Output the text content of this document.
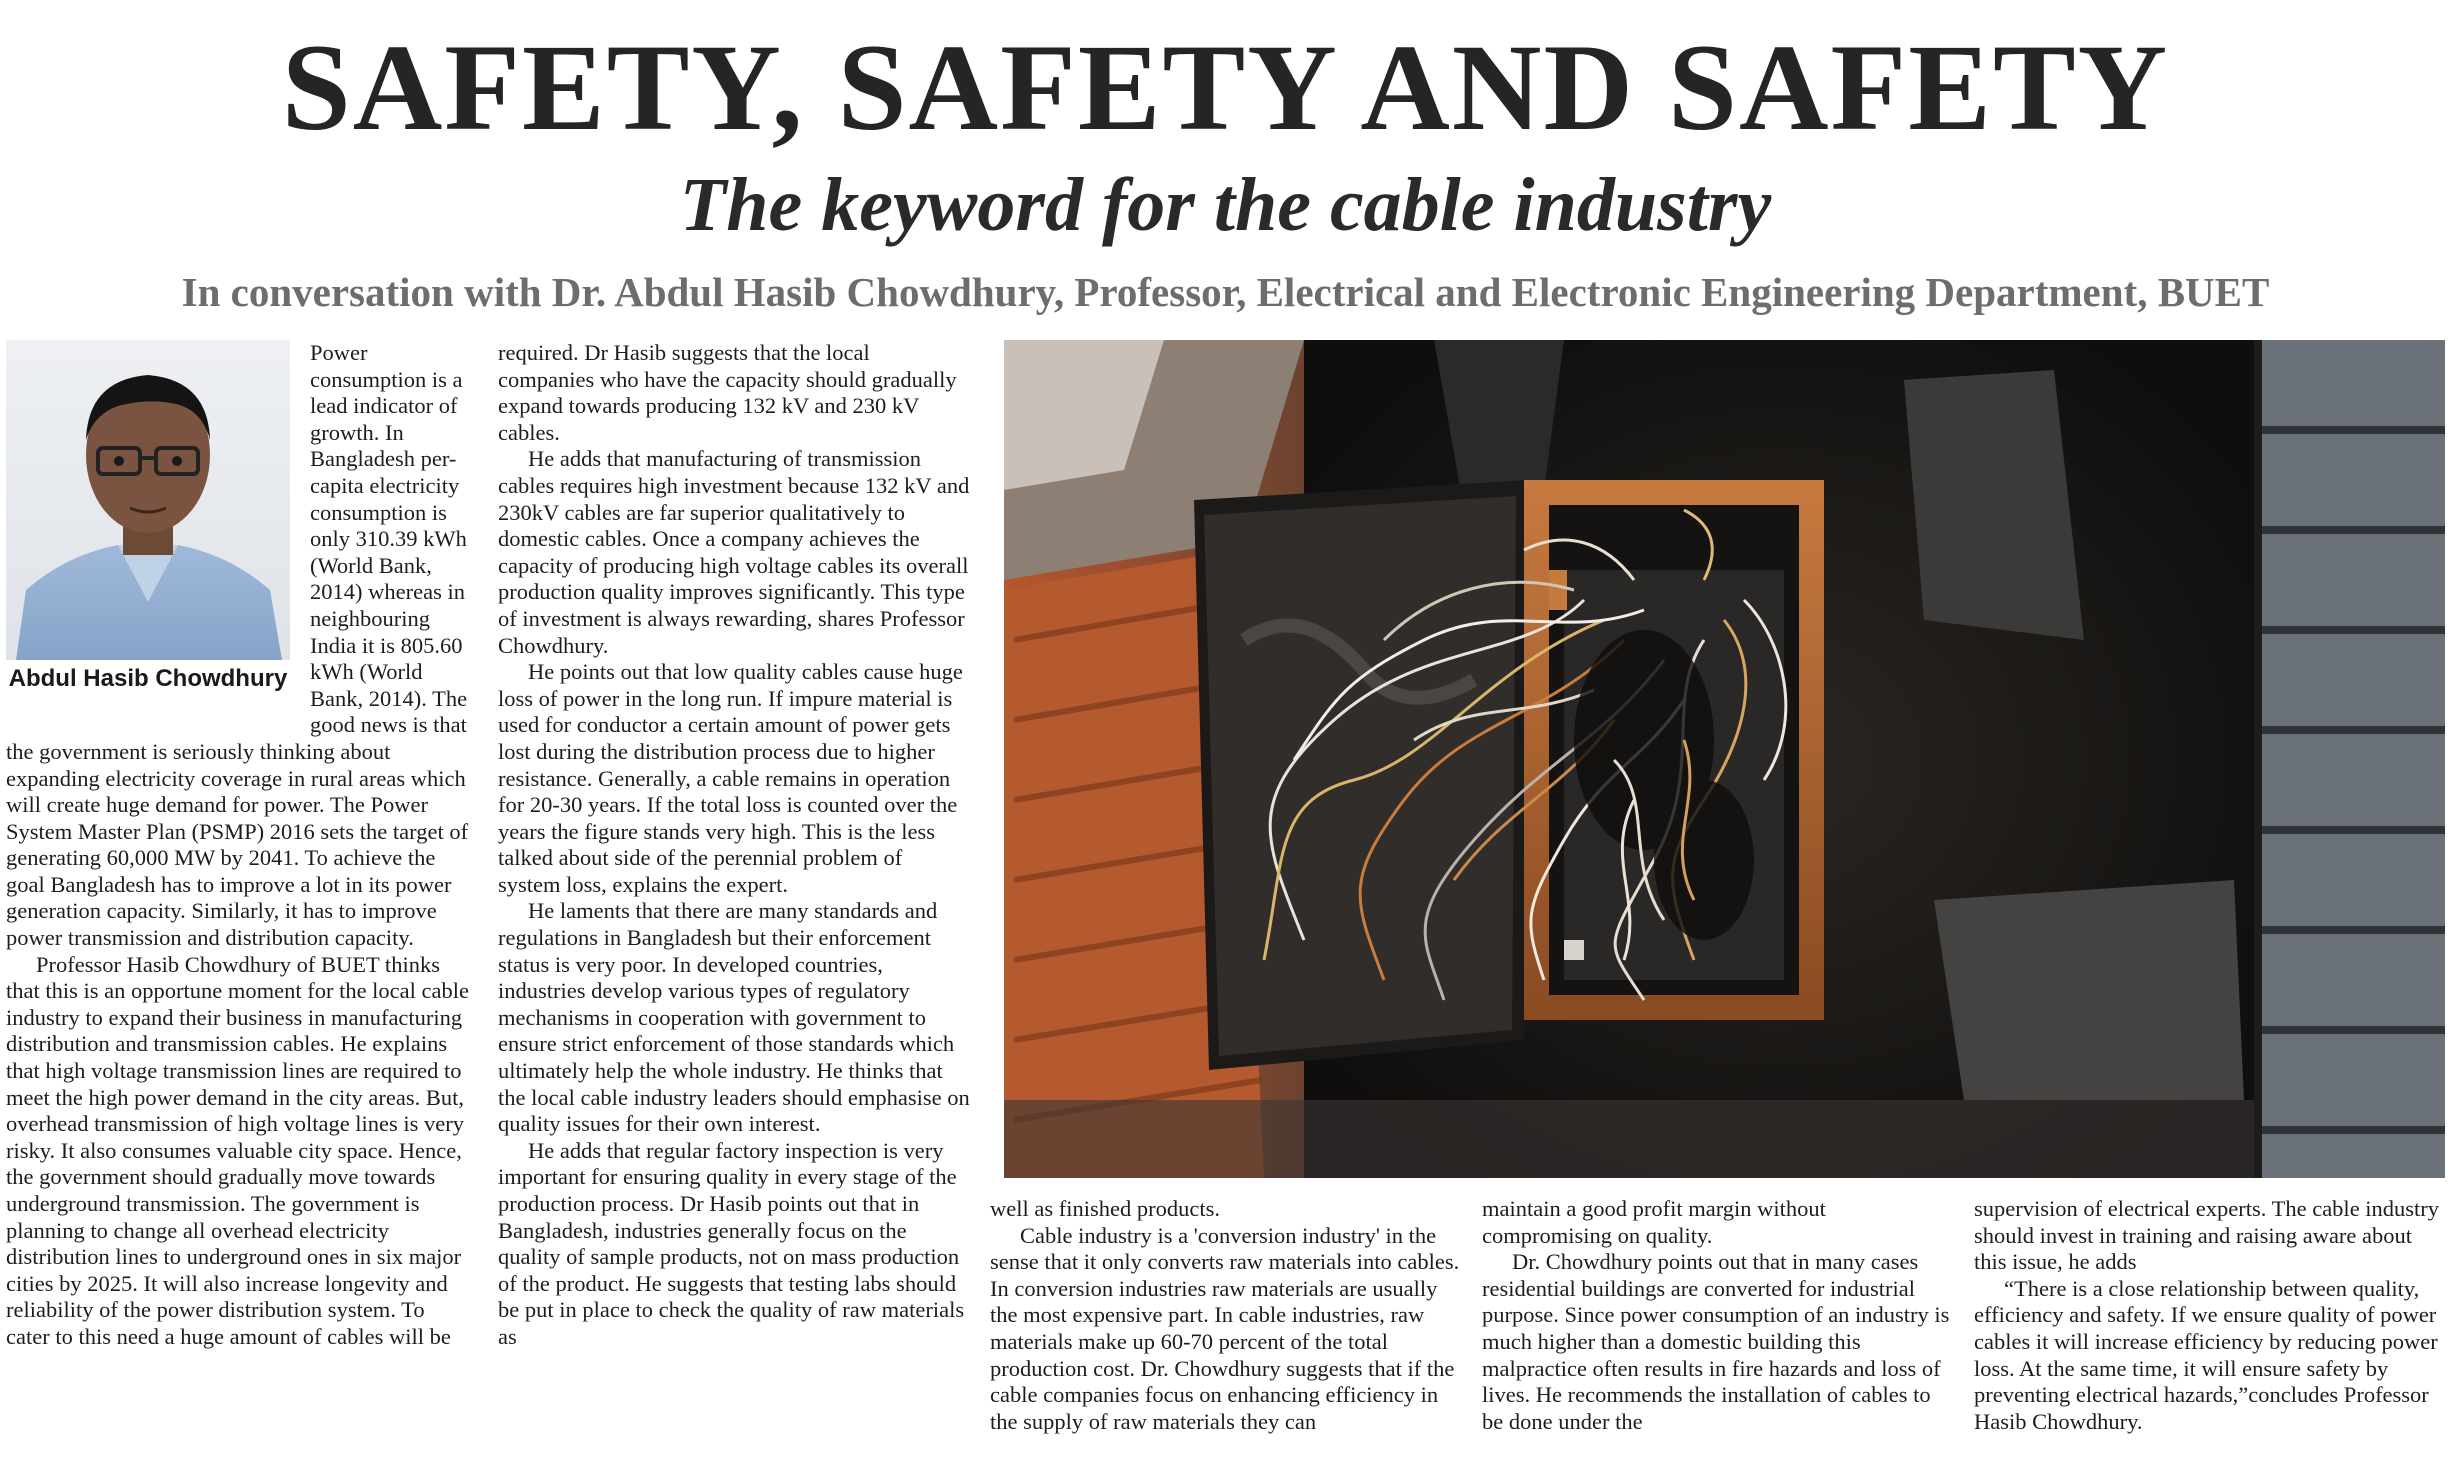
SAFETY, SAFETY AND SAFETY
The keyword for the cable industry
In conversation with Dr. Abdul Hasib Chowdhury, Professor, Electrical and Electronic Engineering Department, BUET
Abdul Hasib Chowdhury

Power consumption is a lead indicator of growth. In Bangladesh per-capita electricity consumption is only 310.39 kWh (World Bank, 2014) whereas in neighbouring India it is 805.60 kWh (World Bank, 2014). The good news is that the government is seriously thinking about expanding electricity coverage in rural areas which will create huge demand for power. The Power System Master Plan (PSMP) 2016 sets the target of generating 60,000 MW by 2041. To achieve the goal Bangladesh has to improve a lot in its power generation capacity. Similarly, it has to improve power transmission and distribution capacity.

Professor Hasib Chowdhury of BUET thinks that this is an opportune moment for the local cable industry to expand their business in manufacturing distribution and transmission cables. He explains that high voltage transmission lines are required to meet the high power demand in the city areas. But, overhead transmission of high voltage lines is very risky. It also consumes valuable city space. Hence, the government should gradually move towards underground transmission. The government is planning to change all overhead electricity distribution lines to underground ones in six major cities by 2025. It will also increase longevity and reliability of the power distribution system. To cater to this need a huge amount of cables will be

required. Dr Hasib suggests that the local companies who have the capacity should gradually expand towards producing 132 kV and 230 kV cables.

He adds that manufacturing of transmission cables requires high investment because 132 kV and 230kV cables are far superior qualitatively to domestic cables. Once a company achieves the capacity of producing high voltage cables its overall production quality improves significantly. This type of investment is always rewarding, shares Professor Chowdhury.

He points out that low quality cables cause huge loss of power in the long run. If impure material is used for conductor a certain amount of power gets lost during the distribution process due to higher resistance. Generally, a cable remains in operation for 20-30 years. If the total loss is counted over the years the figure stands very high. This is the less talked about side of the perennial problem of system loss, explains the expert.

He laments that there are many standards and regulations in Bangladesh but their enforcement status is very poor. In developed countries, industries develop various types of regulatory mechanisms in cooperation with government to ensure strict enforcement of those standards which ultimately help the whole industry. He thinks that the local cable industry leaders should emphasise on quality issues for their own interest.

He adds that regular factory inspection is very important for ensuring quality in every stage of the production process. Dr Hasib points out that in Bangladesh, industries generally focus on the quality of sample products, not on mass production of the product. He suggests that testing labs should be put in place to check the quality of raw materials as

well as finished products.

Cable industry is a 'conversion industry' in the sense that it only converts raw materials into cables. In conversion industries raw materials are usually the most expensive part. In cable industries, raw materials make up 60-70 percent of the total production cost. Dr. Chowdhury suggests that if the cable companies focus on enhancing efficiency in the supply of raw materials they can

maintain a good profit margin without compromising on quality.

Dr. Chowdhury points out that in many cases residential buildings are converted for industrial purpose. Since power consumption of an industry is much higher than a domestic building this malpractice often results in fire hazards and loss of lives. He recommends the installation of cables to be done under the

supervision of electrical experts. The cable industry should invest in training and raising aware about this issue, he adds

“There is a close relationship between quality, efficiency and safety. If we ensure quality of power cables it will increase efficiency by reducing power loss. At the same time, it will ensure safety by preventing electrical hazards,”concludes Professor Hasib Chowdhury.
